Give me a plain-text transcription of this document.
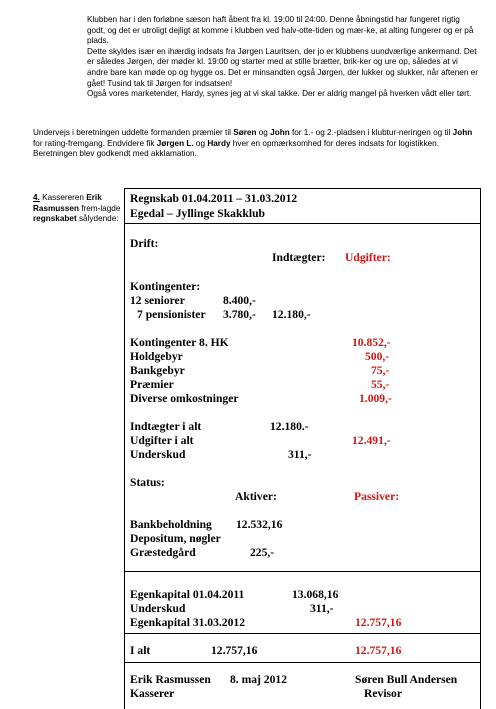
Klubben har i den forløbne sæson haft åbent fra kl. 19:00 til 24:00. Denne åbningstid har fungeret rigtig godt, og det er utroligt dejligt at komme i klubben ved halv-otte-tiden og mær-ke, at alting fungerer og er på plads.

Dette skyldes især en ihærdig indsats fra Jørgen Lauritsen, der jo er klubbens uundværlige ankermand. Det er således Jørgen, der møder kl. 19:00 og starter med at stille brætter, brik-ker og ure op, således at vi andre bare kan møde op og hygge os. Det er minsandten også Jørgen, der lukker og slukker, når aftenen er gået! Tusind tak til Jørgen for indsatsen!

Også vores marketender, Hardy, synes jeg at vi skal takke. Der er aldrig mangel på hverken vådt eller tørt.

Undervejs i beretningen uddelte formanden præmier til Søren og John for 1.- og 2.-pladsen i klubtur-neringen og til John for rating-fremgang. Endvidere fik Jørgen L. og Hardy hver en opmærksomhed for deres indsats for logistikken.

Beretningen blev godkendt med akklamation.

4. Kassereren Erik Rasmussen frem-lagde regnskabet sålydende:
Regnskab 01.04.2011 – 31.03.2012
Egedal – Jyllinge Skakklub
Drift:
Indtægter: Udgifter:
Kontingenter:
12 seniorer	8.400,-
7 pensionister 3.780,- 12.180,-
Kontingenter 8. HK	10.852,-
Holdgebyr	500,-
Bankgebyr	75,-
Præmier	55,-
Diverse omkostninger	1.009,-
Indtægter i alt	12.180.-
Udgifter i alt	12.491,-
Underskud	311,-
Status:
Aktiver:	Passiver:
Bankbeholdning 12.532,16
Depositum, nøgler
Græstedgård	225,-
Egenkapital 01.04.2011	13.068,16
Underskud	311,-
Egenkapital 31.03.2012	12.757,16
I alt	12.757,16	12.757,16
Erik Rasmussen 8. maj 2012	Søren Bull Andersen
Kasserer	Revisor
